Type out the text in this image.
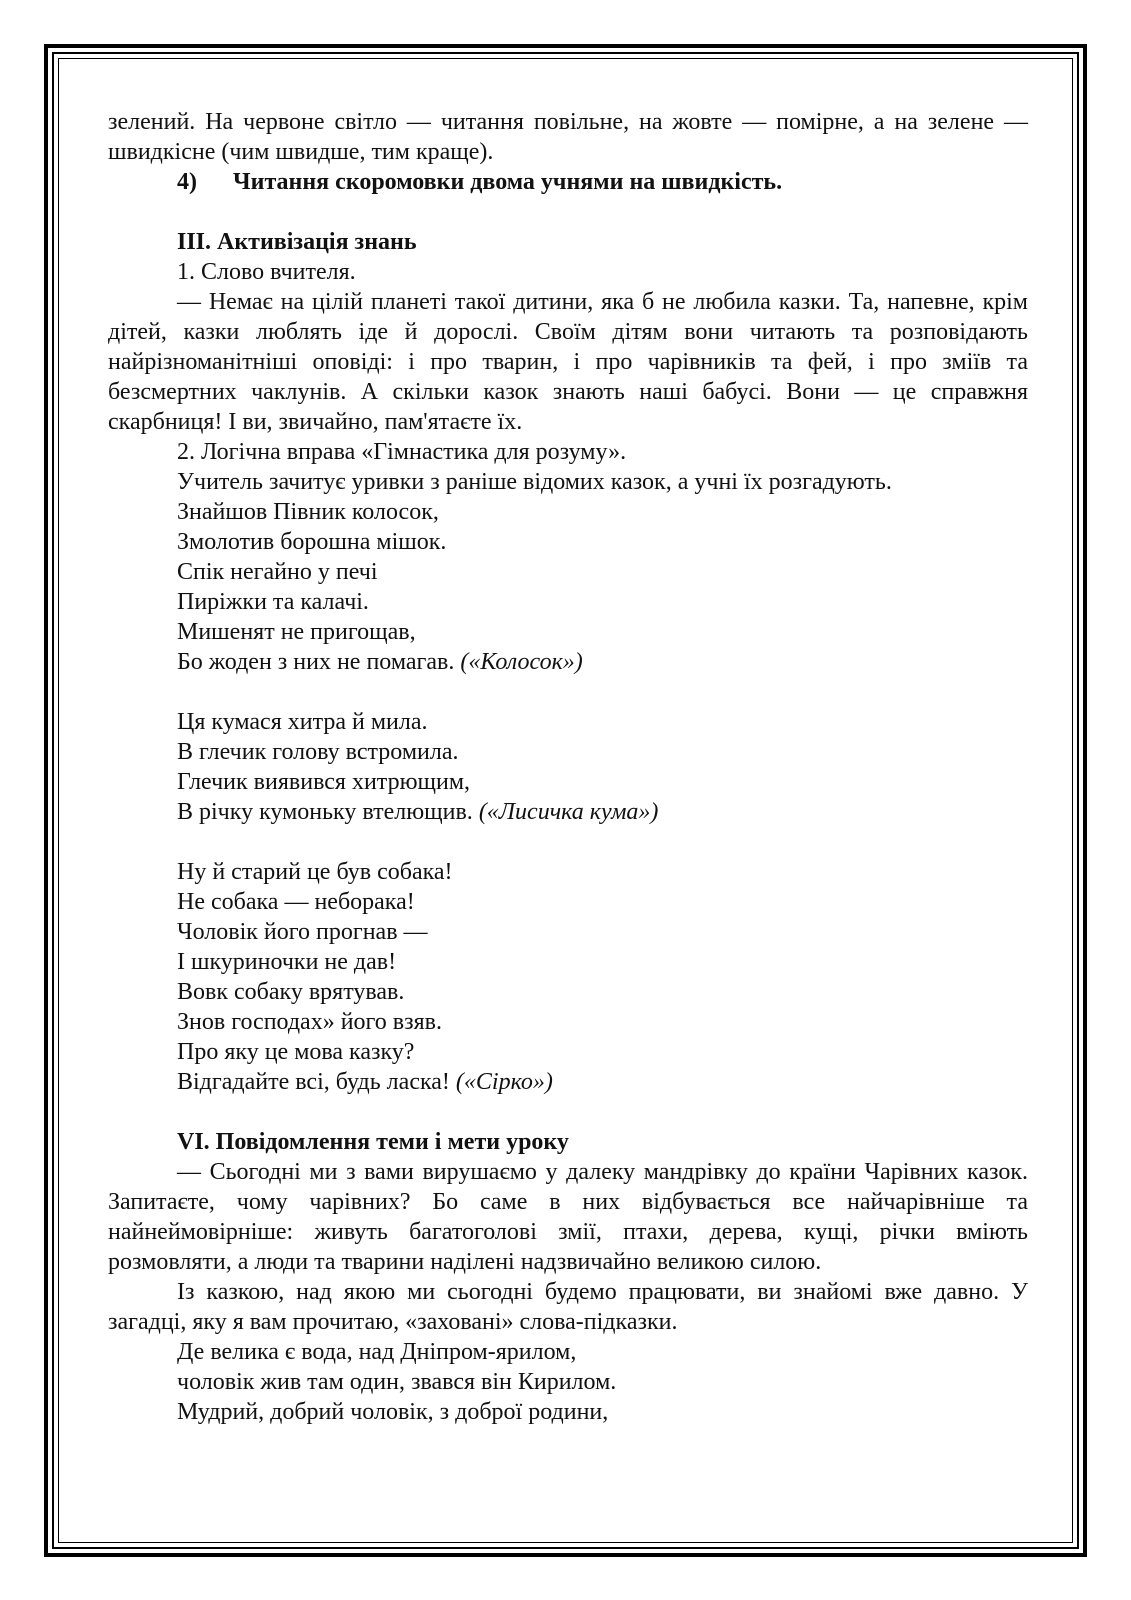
зелений. На червоне світло — читання повільне, на жовте — помірне, а на зелене — швидкісне (чим швидше, тим краще).

4) Читання скоромовки двома учнями на швидкість.
ІІІ. Активізація знань
1. Слово вчителя.

— Немає на цілій планеті такої дитини, яка б не любила казки. Та, напевне, крім дітей, казки люблять іде й дорослі. Своїм дітям вони читають та розповідають найрізноманітніші оповіді: і про тварин, і про чарівників та фей, і про зміїв та безсмертних чаклунів. А скільки казок знають наші бабусі. Вони — це справжня скарбниця! І ви, звичайно, пам'ятаєте їх.

2. Логічна вправа «Гімнастика для розуму».
Учитель зачитує уривки з раніше відомих казок, а учні їх розгадують.
Знайшов Півник колосок,
Змолотив борошна мішок.
Спік негайно у печі
Пиріжки та калачі.
Мишенят не пригощав,
Бо жоден з них не помагав. («Колосок»)
Ця кумася хитра й мила.
В глечик голову встромила.
Глечик виявився хитрющим,
В річку кумоньку втелющив. («Лисичка кума»)
Ну й старий це був собака!
Не собака — неборака!
Чоловік його прогнав —
І шкуриночки не дав!
Вовк собаку врятував.
Знов господах» його взяв.
Про яку це мова казку?
Відгадайте всі, будь ласка! («Сірко»)
VІ. Повідомлення теми і мети уроку

— Сьогодні ми з вами вирушаємо у далеку мандрівку до країни Чарівних казок. Запитаєте, чому чарівних? Бо саме в них відбувається все найчарівніше та найнеймовірніше: живуть багатоголові змії, птахи, дерева, кущі, річки вміють розмовляти, а люди та тварини наділені надзвичайно великою силою.

Із казкою, над якою ми сьогодні будемо працювати, ви знайомі вже давно. У загадці, яку я вам прочитаю, «заховані» слова-підказки.

Де велика є вода, над Дніпром-ярилом,
чоловік жив там один, звався він Кирилом.
Мудрий, добрий чоловік, з доброї родини,
